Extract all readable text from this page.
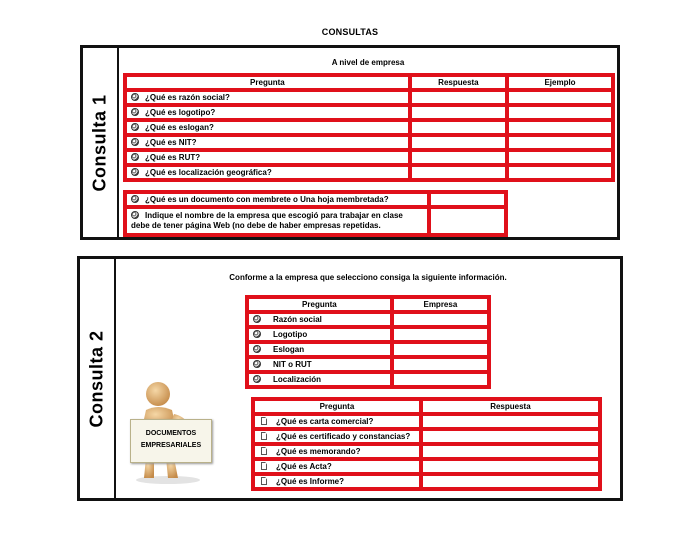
CONSULTAS
Consulta 1
A nivel de empresa
Pregunta	Respuesta	Ejemplo
¿Qué es razón social?		
¿Qué es logotipo?		
¿Qué es eslogan?		
¿Qué es NIT?		
¿Qué es RUT?		
¿Qué es localización geográfica?		
¿Qué es un documento con membrete o Una hoja membretada?	
Indique el nombre de la empresa que escogió para trabajar en clase debe de tener página Web (no debe de haber empresas repetidas.	
Consulta 2
Conforme a la empresa que selecciono consiga la siguiente información.
Pregunta	Empresa
Razón social	
Logotipo	
Eslogan	
NIT o RUT	
Localización	
Pregunta	Respuesta
¿Qué es carta comercial?	
¿Qué es certificado y constancias?	
¿Qué es memorando?	
¿Qué es Acta?	
¿Qué es Informe?	
DOCUMENTOS
EMPRESARIALES
